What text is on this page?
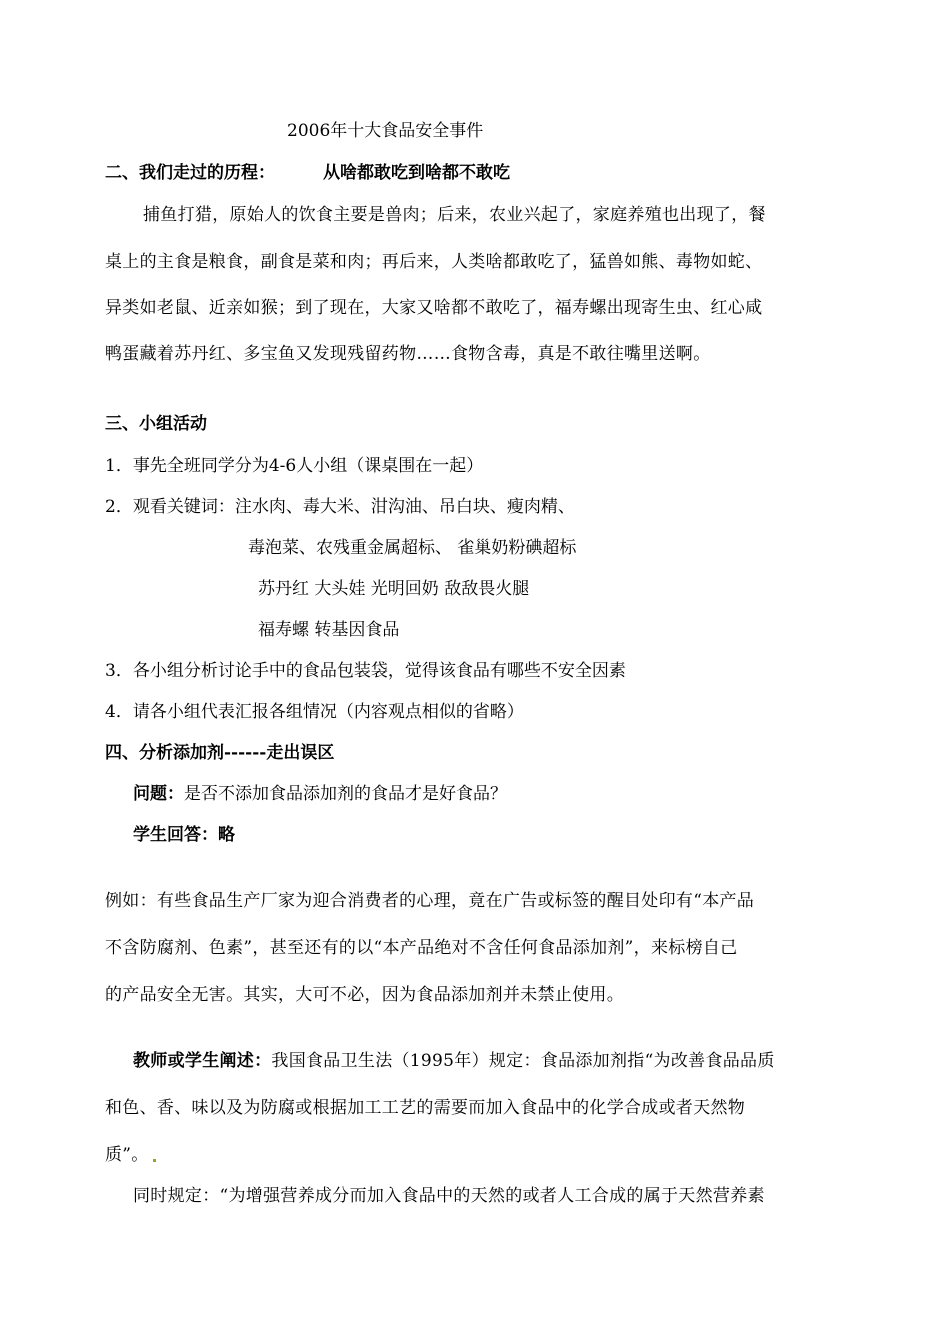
2006年十大食品安全事件
二、我们走过的历程：	从啥都敢吃到啥都不敢吃
捕鱼打猎，原始人的饮食主要是兽肉；后来，农业兴起了，家庭养殖也出现了，餐
桌上的主食是粮食，副食是菜和肉；再后来，人类啥都敢吃了，猛兽如熊、毒物如蛇、
异类如老鼠、近亲如猴；到了现在，大家又啥都不敢吃了，福寿螺出现寄生虫、红心咸
鸭蛋藏着苏丹红、多宝鱼又发现残留药物……食物含毒，真是不敢往嘴里送啊。
三、小组活动
1．事先全班同学分为4-6人小组（课桌围在一起）
2．观看关键词：注水肉、毒大米、泔沟油、吊白块、瘦肉精、
毒泡菜、农残重金属超标、 雀巢奶粉碘超标
苏丹红 大头娃 光明回奶 敌敌畏火腿
福寿螺 转基因食品
3．各小组分析讨论手中的食品包装袋，觉得该食品有哪些不安全因素
4．请各小组代表汇报各组情况（内容观点相似的省略）
四、分析添加剂------走出误区
问题：是否不添加食品添加剂的食品才是好食品？
学生回答：略
例如：有些食品生产厂家为迎合消费者的心理，竟在广告或标签的醒目处印有“本产品
不含防腐剂、色素”，甚至还有的以“本产品绝对不含任何食品添加剂”，来标榜自己
的产品安全无害。其实，大可不必，因为食品添加剂并未禁止使用。
教师或学生阐述：我国食品卫生法（1995年）规定：食品添加剂指“为改善食品品质
和色、香、味以及为防腐或根据加工工艺的需要而加入食品中的化学合成或者天然物
质”。
同时规定：“为增强营养成分而加入食品中的天然的或者人工合成的属于天然营养素
